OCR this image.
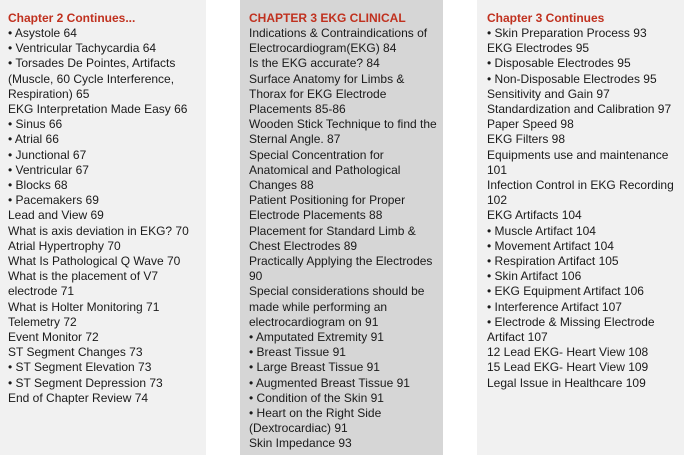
Chapter 2 Continues...
• Asystole 64
• Ventricular Tachycardia 64
• Torsades De Pointes, Artifacts (Muscle, 60 Cycle Interference, Respiration) 65
EKG Interpretation Made Easy 66
• Sinus 66
• Atrial 66
• Junctional 67
• Ventricular 67
• Blocks 68
• Pacemakers 69
Lead and View 69
What is axis deviation in EKG? 70
Atrial Hypertrophy 70
What Is Pathological Q Wave 70
What is the placement of V7 electrode 71
What is Holter Monitoring 71
Telemetry 72
Event Monitor 72
ST Segment Changes 73
• ST Segment Elevation 73
• ST Segment Depression 73
End of Chapter Review 74
CHAPTER 3 EKG CLINICAL
Indications & Contraindications of Electrocardiogram(EKG) 84
Is the EKG accurate? 84
Surface Anatomy for Limbs & Thorax for EKG Electrode Placements 85-86
Wooden Stick Technique to find the Sternal Angle. 87
Special Concentration for Anatomical and Pathological Changes 88
Patient Positioning for Proper Electrode Placements 88
Placement for Standard Limb & Chest Electrodes 89
Practically Applying the Electrodes 90
Special considerations should be made while performing an electrocardiogram on 91
• Amputated Extremity 91
• Breast Tissue 91
• Large Breast Tissue 91
• Augmented Breast Tissue 91
• Condition of the Skin 91
• Heart on the Right Side (Dextrocardiac) 91
Skin Impedance 93
Chapter 3 Continues
• Skin Preparation Process 93
EKG Electrodes 95
• Disposable Electrodes 95
• Non-Disposable Electrodes 95
Sensitivity and Gain 97
Standardization and Calibration 97
Paper Speed 98
EKG Filters 98
Equipments use and maintenance 101
Infection Control in EKG Recording 102
EKG Artifacts 104
• Muscle Artifact 104
• Movement Artifact 104
• Respiration Artifact 105
• Skin Artifact 106
• EKG Equipment Artifact 106
• Interference Artifact 107
• Electrode & Missing Electrode Artifact 107
12 Lead EKG- Heart View 108
15 Lead EKG- Heart View 109
Legal Issue in Healthcare 109
